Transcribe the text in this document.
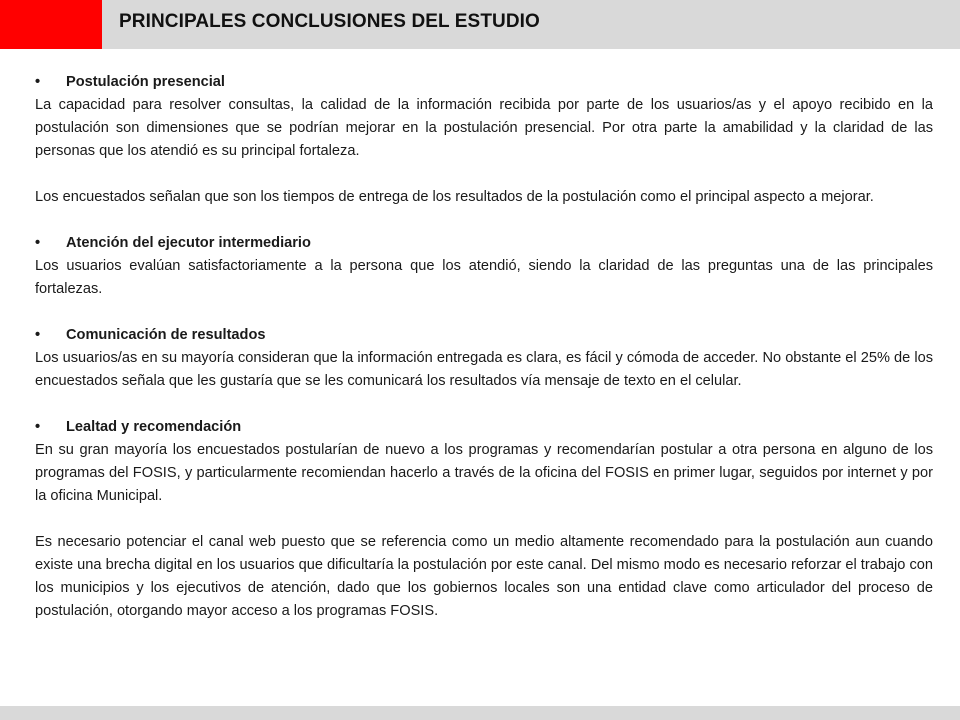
PRINCIPALES CONCLUSIONES DEL ESTUDIO
• Postulación presencial

La capacidad para resolver consultas, la calidad de la información recibida por parte de los usuarios/as y el apoyo recibido en la postulación son dimensiones que se podrían mejorar en la postulación presencial. Por otra parte la amabilidad y la claridad de las personas que los atendió es su principal fortaleza.

Los encuestados señalan que son los tiempos de entrega de los resultados de la postulación como el principal aspecto a mejorar.

• Atención del ejecutor intermediario

Los usuarios evalúan satisfactoriamente a la persona que los atendió, siendo la claridad de las preguntas una de las principales fortalezas.

• Comunicación de resultados

Los usuarios/as en su mayoría consideran que la información entregada es clara, es fácil y cómoda de acceder. No obstante el 25% de los encuestados señala que les gustaría que se les comunicará los resultados vía mensaje de texto en el celular.

• Lealtad y recomendación

En su gran mayoría los encuestados postularían de nuevo a los programas y recomendarían postular a otra persona en alguno de los programas del FOSIS, y particularmente recomiendan hacerlo a través de la oficina del FOSIS en primer lugar, seguidos por internet y por la oficina Municipal.

Es necesario potenciar el canal web puesto que se referencia como un medio altamente recomendado para la postulación aun cuando existe una brecha digital en los usuarios que dificultaría la postulación por este canal. Del mismo modo es necesario reforzar el trabajo con los municipios y los ejecutivos de atención, dado que los gobiernos locales son una entidad clave como articulador del proceso de postulación, otorgando mayor acceso a los programas FOSIS.
